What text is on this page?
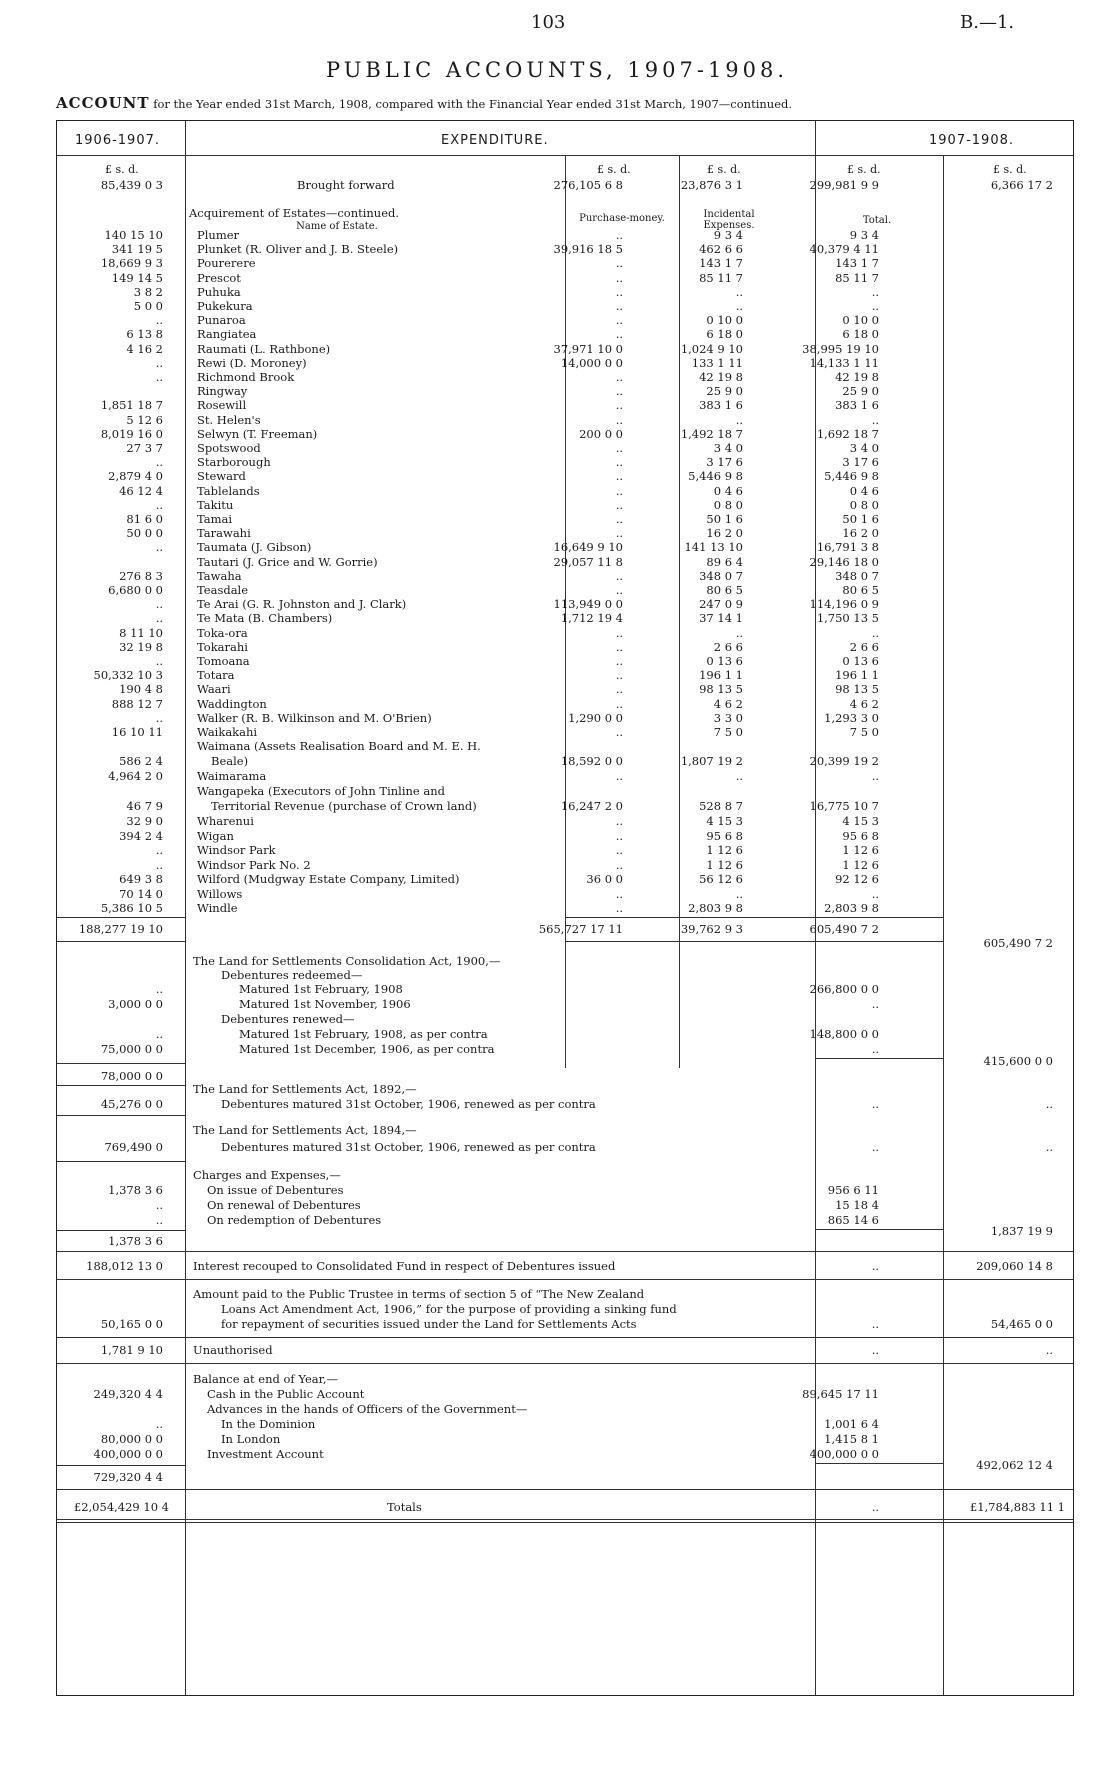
103	B.—1.
PUBLIC ACCOUNTS, 1907-1908.
ACCOUNT for the Year ended 31st March, 1908, compared with the Financial Year ended 31st March, 1907—continued.
1906-1907.	EXPENDITURE.	1907-1908.
£ s. d.	£ s. d.	£ s. d.	£ s. d.	£ s. d.
85,439 0 3	Brought forward	276,105 6 8	23,876 3 1	299,981 9 9	6,366 17 2
Acquirement of Estates—continued.
Name of Estate.
Purchase-money.	Incidental Expenses.	Total.
140 15 10	Plumer	..	9 3 4	9 3 4
341 19 5	Plunket (R. Oliver and J. B. Steele)	39,916 18 5	462 6 6	40,379 4 11
18,669 9 3	Pourerere	..	143 1 7	143 1 7
149 14 5	Prescot	..	85 11 7	85 11 7
3 8 2	Puhuka	..	..	..
5 0 0	Pukekura	..	..	..
..	Punaroa	..	0 10 0	0 10 0
6 13 8	Rangiatea	..	6 18 0	6 18 0
4 16 2	Raumati (L. Rathbone)	37,971 10 0	1,024 9 10	38,995 19 10
..	Rewi (D. Moroney)	14,000 0 0	133 1 11	14,133 1 11
..	Richmond Brook	..	42 19 8	42 19 8
Ringway	..	25 9 0	25 9 0
1,851 18 7	Rosewill	..	383 1 6	383 1 6
5 12 6	St. Helen's	..	..	..
8,019 16 0	Selwyn (T. Freeman)	200 0 0	1,492 18 7	1,692 18 7
27 3 7	Spotswood	..	3 4 0	3 4 0
..	Starborough	..	3 17 6	3 17 6
2,879 4 0	Steward	..	5,446 9 8	5,446 9 8
46 12 4	Tablelands	..	0 4 6	0 4 6
..	Takitu	..	0 8 0	0 8 0
81 6 0	Tamai	..	50 1 6	50 1 6
50 0 0	Tarawahi	..	16 2 0	16 2 0
..	Taumata (J. Gibson)	16,649 9 10	141 13 10	16,791 3 8
Tautari (J. Grice and W. Gorrie)	29,057 11 8	89 6 4	29,146 18 0
276 8 3	Tawaha	..	348 0 7	348 0 7
6,680 0 0	Teasdale	..	80 6 5	80 6 5
..	Te Arai (G. R. Johnston and J. Clark)	113,949 0 0	247 0 9	114,196 0 9
..	Te Mata (B. Chambers)	1,712 19 4	37 14 1	1,750 13 5
8 11 10	Toka-ora	..	..	..
32 19 8	Tokarahi	..	2 6 6	2 6 6
..	Tomoana	..	0 13 6	0 13 6
50,332 10 3	Totara	..	196 1 1	196 1 1
190 4 8	Waari	..	98 13 5	98 13 5
888 12 7	Waddington	..	4 6 2	4 6 2
..	Walker (R. B. Wilkinson and M. O'Brien)	1,290 0 0	3 3 0	1,293 3 0
16 10 11	Waikakahi	..	7 5 0	7 5 0
Waimana (Assets Realisation Board and M. E. H.
586 2 4	Beale)	18,592 0 0	1,807 19 2	20,399 19 2
4,964 2 0	Waimarama	..	..	..
Wangapeka (Executors of John Tinline and
46 7 9	Territorial Revenue (purchase of Crown land)	16,247 2 0	528 8 7	16,775 10 7
32 9 0	Wharenui	..	4 15 3	4 15 3
394 2 4	Wigan	..	95 6 8	95 6 8
..	Windsor Park	..	1 12 6	1 12 6
..	Windsor Park No. 2	..	1 12 6	1 12 6
649 3 8	Wilford (Mudgway Estate Company, Limited)	36 0 0	56 12 6	92 12 6
70 14 0	Willows	..	..	..
5,386 10 5	Windle	..	2,803 9 8	2,803 9 8
188,277 19 10	565,727 17 11	39,762 9 3	605,490 7 2
605,490 7 2
The Land for Settlements Consolidation Act, 1900,—
Debentures redeemed—
..	Matured 1st February, 1908	266,800 0 0
3,000 0 0	Matured 1st November, 1906	..
Debentures renewed—
..	Matured 1st February, 1908, as per contra	148,800 0 0
75,000 0 0	Matured 1st December, 1906, as per contra	..
415,600 0 0
78,000 0 0
The Land for Settlements Act, 1892,—
45,276 0 0	Debentures matured 31st October, 1906, renewed as per contra	..	..
The Land for Settlements Act, 1894,—
769,490 0	Debentures matured 31st October, 1906, renewed as per contra	..	..
Charges and Expenses,—
1,378 3 6	On issue of Debentures	956 6 11
..	On renewal of Debentures	15 18 4
..	On redemption of Debentures	865 14 6
1,837 19 9
1,378 3 6
188,012 13 0	Interest recouped to Consolidated Fund in respect of Debentures issued	..	209,060 14 8
Amount paid to the Public Trustee in terms of section 5 of “The New Zealand
Loans Act Amendment Act, 1906,” for the purpose of providing a sinking fund
50,165 0 0	for repayment of securities issued under the Land for Settlements Acts	..	54,465 0 0
1,781 9 10	Unauthorised	..	..
Balance at end of Year,—
249,320 4 4	Cash in the Public Account	89,645 17 11
Advances in the hands of Officers of the Government—
..	In the Dominion	1,001 6 4
80,000 0 0	In London	1,415 8 1
400,000 0 0	Investment Account	400,000 0 0
492,062 12 4
729,320 4 4
£2,054,429 10 4	Totals	..	£1,784,883 11 1
